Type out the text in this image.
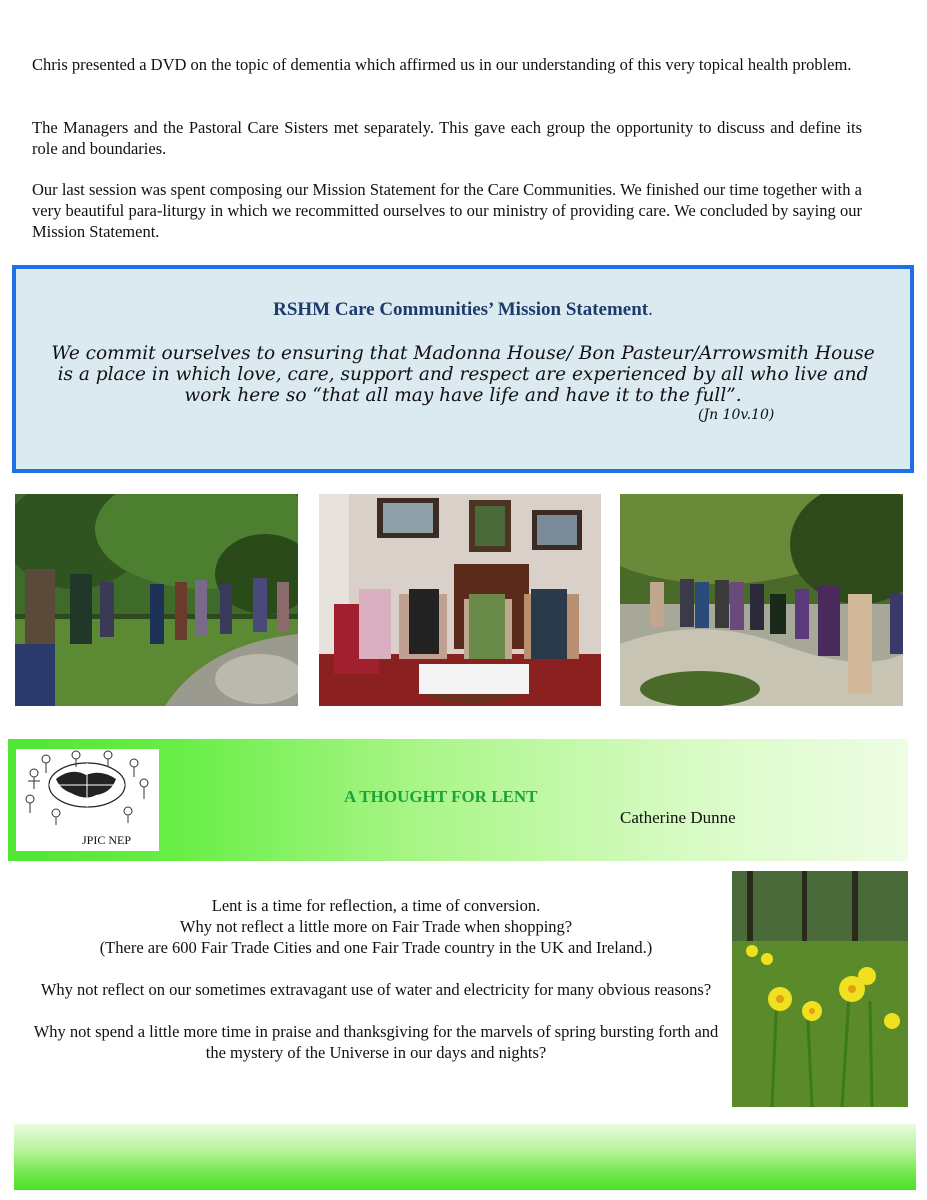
Chris presented a DVD on the topic of dementia which affirmed us in our understanding of this very topical health problem.

The Managers and the Pastoral Care Sisters met separately. This gave each group the opportunity to discuss and define its role and boundaries.

Our last session was spent composing our Mission Statement for the Care Communities. We finished our time together with a very beautiful para-liturgy in which we recommitted ourselves to our ministry of providing care. We concluded by saying our Mission Statement.

RSHM Care Communities’ Mission Statement.
We commit ourselves to ensuring that Madonna House/ Bon Pasteur/Arrowsmith House is a place in which love, care, support and respect are experienced by all who live and work here so “that all may have life and have it to the full”.
(Jn 10v.10)
JPIC NEP
A THOUGHT FOR LENT
Catherine Dunne

Lent is a time for reflection, a time of conversion.

Why not reflect a little more on Fair Trade when shopping?

(There are 600 Fair Trade Cities and one Fair Trade country in the UK and Ireland.)

Why not reflect on our sometimes extravagant use of water and electricity for many obvious reasons?

Why not spend a little more time in praise and thanksgiving for the marvels of spring bursting forth and the mystery of the Universe in our days and nights?
